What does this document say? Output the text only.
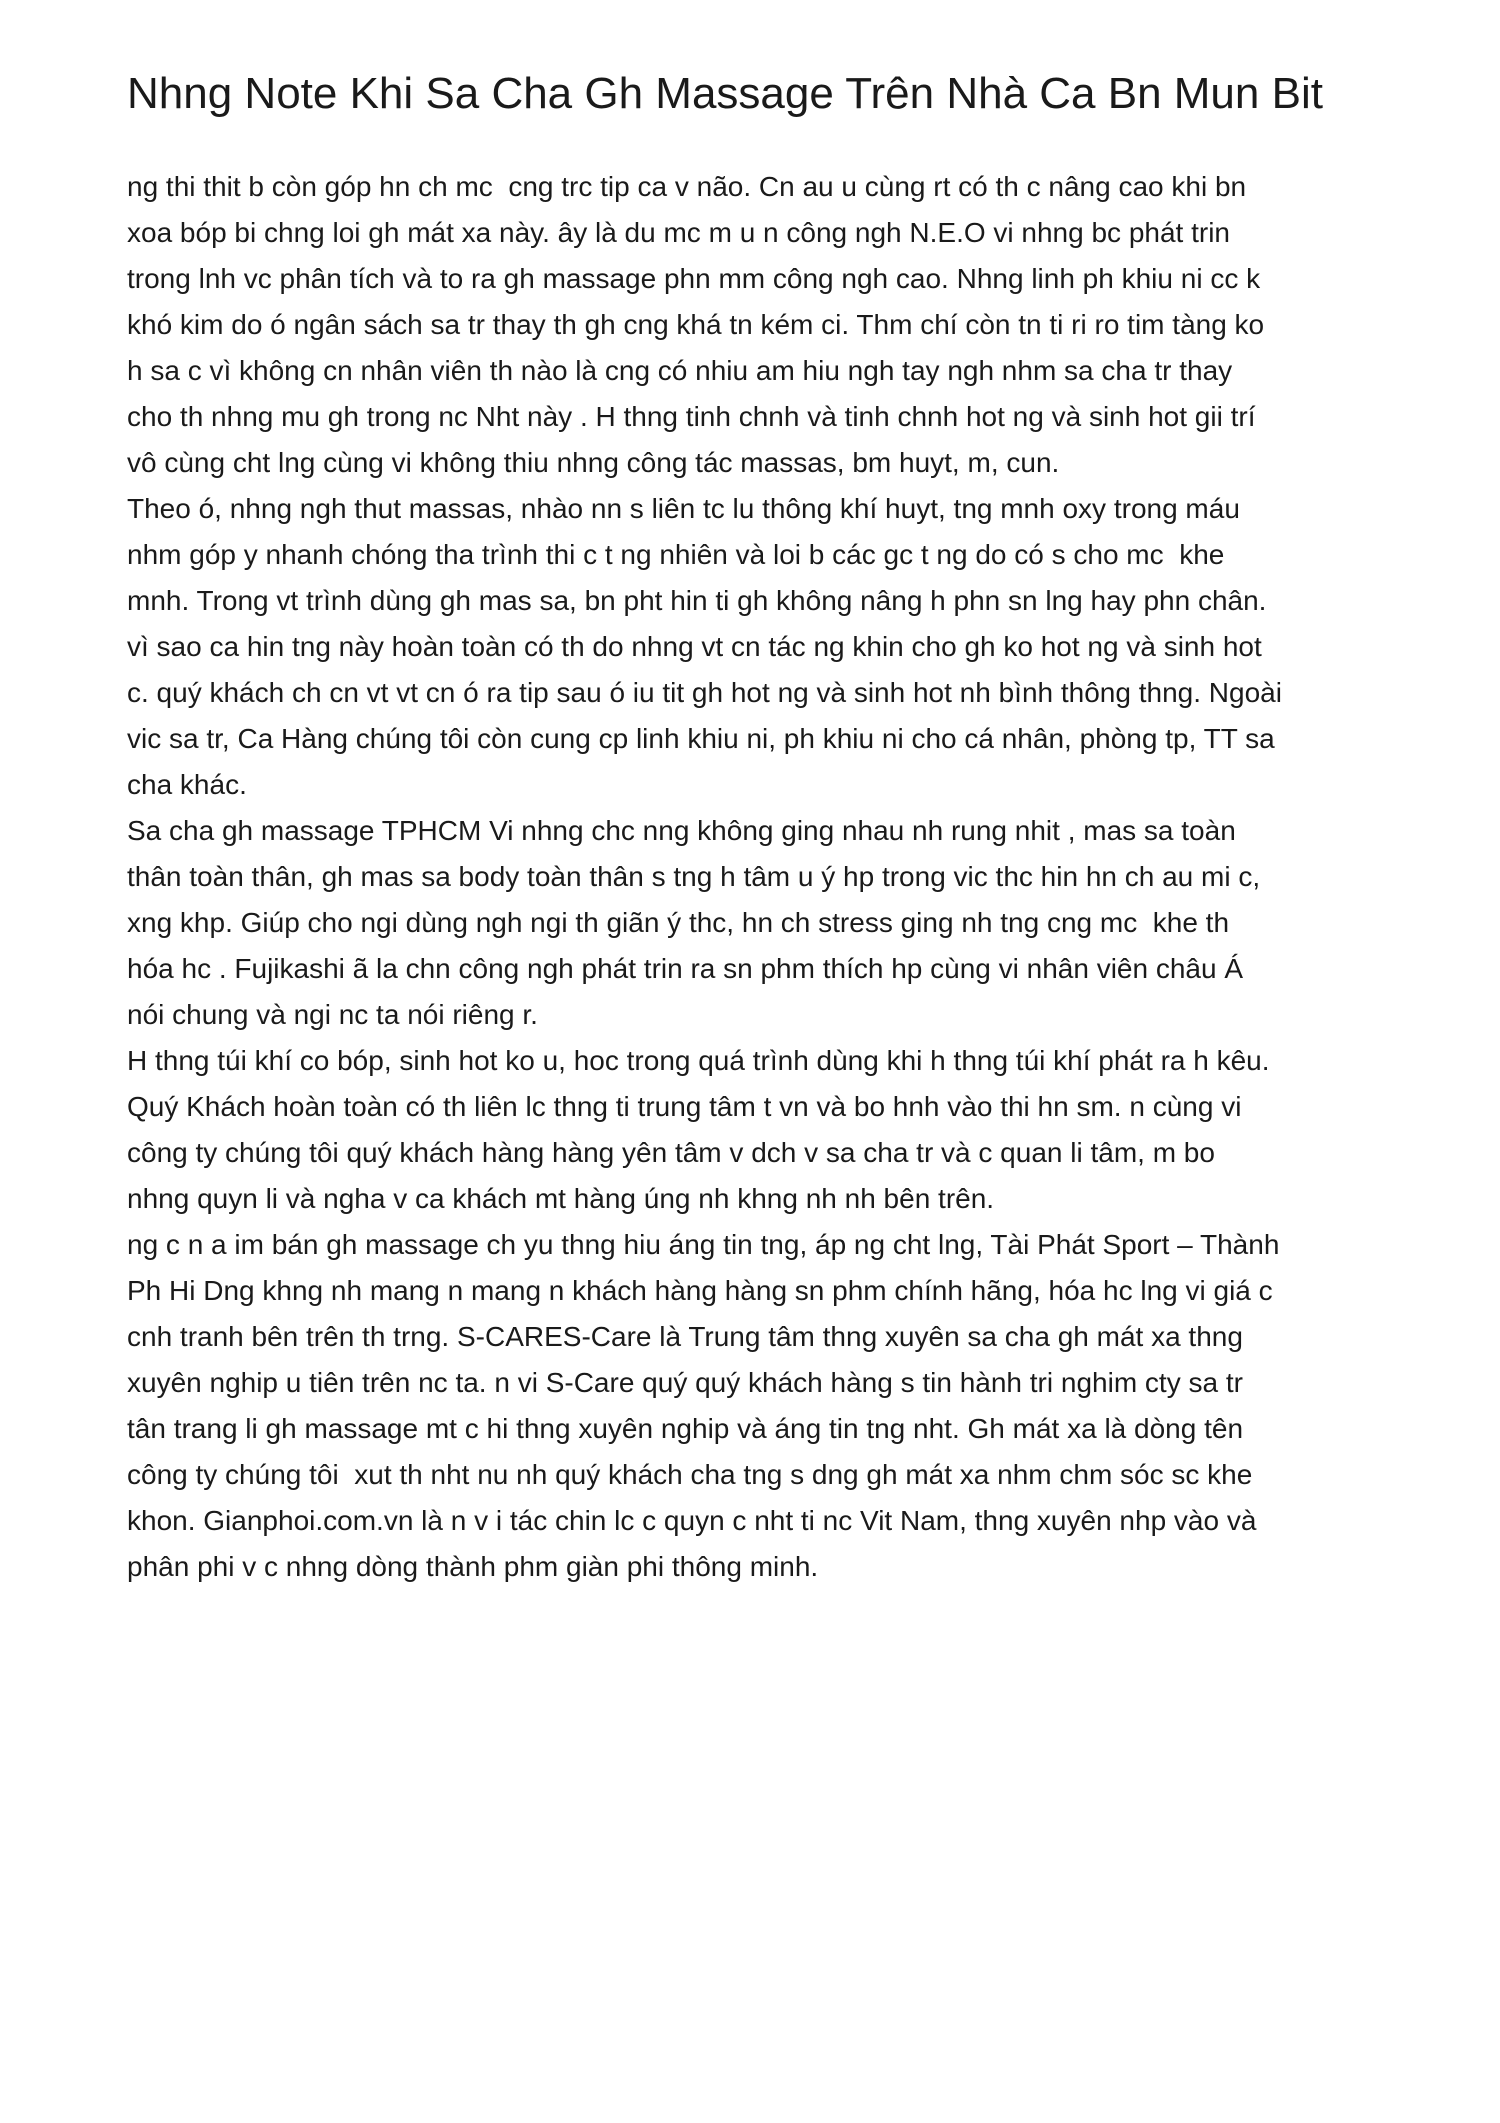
Nhng Note Khi Sa Cha Gh Massage Trên Nhà Ca Bn Mun Bit
ng thi thit b còn góp hn ch mc  cng trc tip ca v não. Cn au u cùng rt có th c nâng cao khi bn
xoa bóp bi chng loi gh mát xa này. ây là du mc m u n công ngh N.E.O vi nhng bc phát trin
trong lnh vc phân tích và to ra gh massage phn mm công ngh cao. Nhng linh ph khiu ni cc k
khó kim do ó ngân sách sa tr thay th gh cng khá tn kém ci. Thm chí còn tn ti ri ro tim tàng ko
h sa c vì không cn nhân viên th nào là cng có nhiu am hiu ngh tay ngh nhm sa cha tr thay
cho th nhng mu gh trong nc Nht này . H thng tinh chnh và tinh chnh hot ng và sinh hot gii trí
vô cùng cht lng cùng vi không thiu nhng công tác massas, bm huyt, m, cun.
Theo ó, nhng ngh thut massas, nhào nn s liên tc lu thông khí huyt, tng mnh oxy trong máu
nhm góp y nhanh chóng tha trình thi c t ng nhiên và loi b các gc t ng do có s cho mc  khe
mnh. Trong vt trình dùng gh mas sa, bn pht hin ti gh không nâng h phn sn lng hay phn chân.
vì sao ca hin tng này hoàn toàn có th do nhng vt cn tác ng khin cho gh ko hot ng và sinh hot
c. quý khách ch cn vt vt cn ó ra tip sau ó iu tit gh hot ng và sinh hot nh bình thông thng. Ngoài
vic sa tr, Ca Hàng chúng tôi còn cung cp linh khiu ni, ph khiu ni cho cá nhân, phòng tp, TT sa
cha khác.
Sa cha gh massage TPHCM Vi nhng chc nng không ging nhau nh rung nhit , mas sa toàn
thân toàn thân, gh mas sa body toàn thân s tng h tâm u ý hp trong vic thc hin hn ch au mi c,
xng khp. Giúp cho ngi dùng ngh ngi th giãn ý thc, hn ch stress ging nh tng cng mc  khe th
hóa hc . Fujikashi ã la chn công ngh phát trin ra sn phm thích hp cùng vi nhân viên châu Á
nói chung và ngi nc ta nói riêng r.
H thng túi khí co bóp, sinh hot ko u, hoc trong quá trình dùng khi h thng túi khí phát ra h kêu.
Quý Khách hoàn toàn có th liên lc thng ti trung tâm t vn và bo hnh vào thi hn sm. n cùng vi
công ty chúng tôi quý khách hàng hàng yên tâm v dch v sa cha tr và c quan li tâm, m bo
nhng quyn li và ngha v ca khách mt hàng úng nh khng nh nh bên trên.
ng c n a im bán gh massage ch yu thng hiu áng tin tng, áp ng cht lng, Tài Phát Sport – Thành
Ph Hi Dng khng nh mang n mang n khách hàng hàng sn phm chính hãng, hóa hc lng vi giá c
cnh tranh bên trên th trng. S-CARES-Care là Trung tâm thng xuyên sa cha gh mát xa thng
xuyên nghip u tiên trên nc ta. n vi S-Care quý quý khách hàng s tin hành tri nghim cty sa tr
tân trang li gh massage mt c hi thng xuyên nghip và áng tin tng nht. Gh mát xa là dòng tên
công ty chúng tôi  xut th nht nu nh quý khách cha tng s dng gh mát xa nhm chm sóc sc khe
khon. Gianphoi.com.vn là n v i tác chin lc c quyn c nht ti nc Vit Nam, thng xuyên nhp vào và
phân phi v c nhng dòng thành phm giàn phi thông minh.
